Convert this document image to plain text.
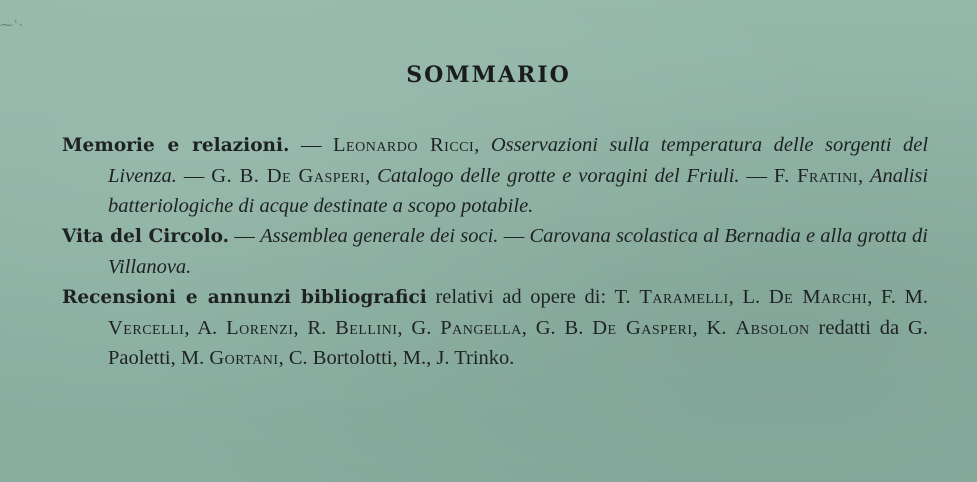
⁓ꞌ·
SOMMARIO

Memorie e relazioni. — Leonardo Ricci, Osservazioni sulla temperatura delle sorgenti del Livenza. — G. B. De Gasperi, Catalogo delle grotte e voragini del Friuli. — F. Fratini, Analisi batteriologiche di acque destinate a scopo potabile.

Vita del Circolo. — Assemblea generale dei soci. — Carovana scolastica al Bernadia e alla grotta di Villanova.

Recensioni e annunzi bibliografici relativi ad opere di: T. Taramelli, L. De Marchi, F. M. Vercelli, A. Lorenzi, R. Bellini, G. Pangella, G. B. De Gasperi, K. Absolon redatti da G. Paoletti, M. Gortani, C. Bortolotti, M., J. Trinko.
